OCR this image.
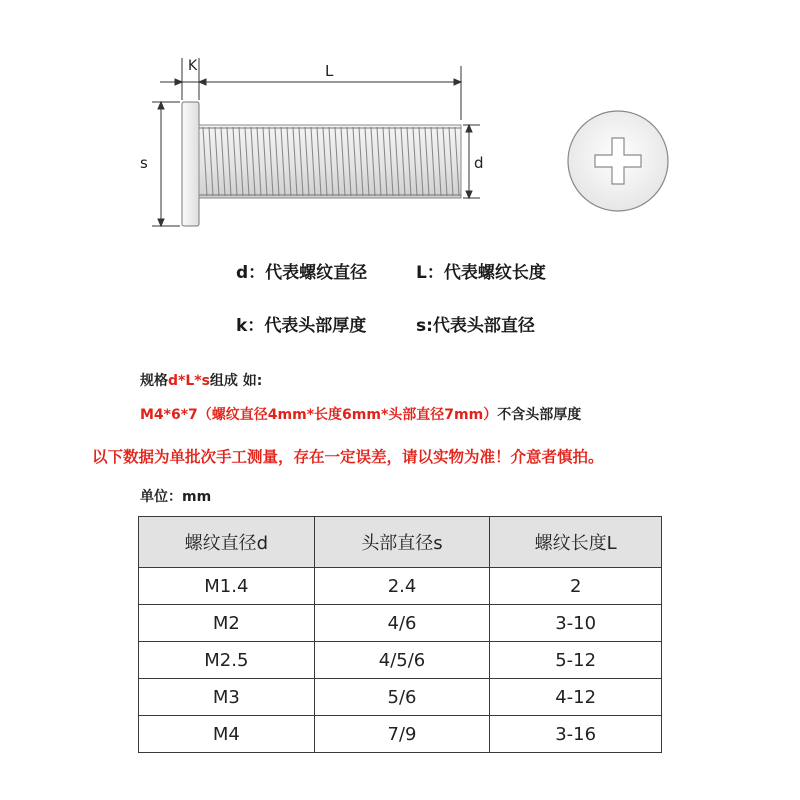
K	L
s	d
d：代表螺纹直径	L：代表螺纹长度
k：代表头部厚度	s:代表头部直径
规格d*L*s组成 如:
M4*6*7（螺纹直径4mm*长度6mm*头部直径7mm）不含头部厚度
以下数据为单批次手工测量，存在一定误差，请以实物为准！介意者慎拍。
单位：mm
螺纹直径d	头部直径s	螺纹长度L
M1.4	2.4	2
M2	4/6	3-10
M2.5	4/5/6	5-12
M3	5/6	4-12
M4	7/9	3-16
